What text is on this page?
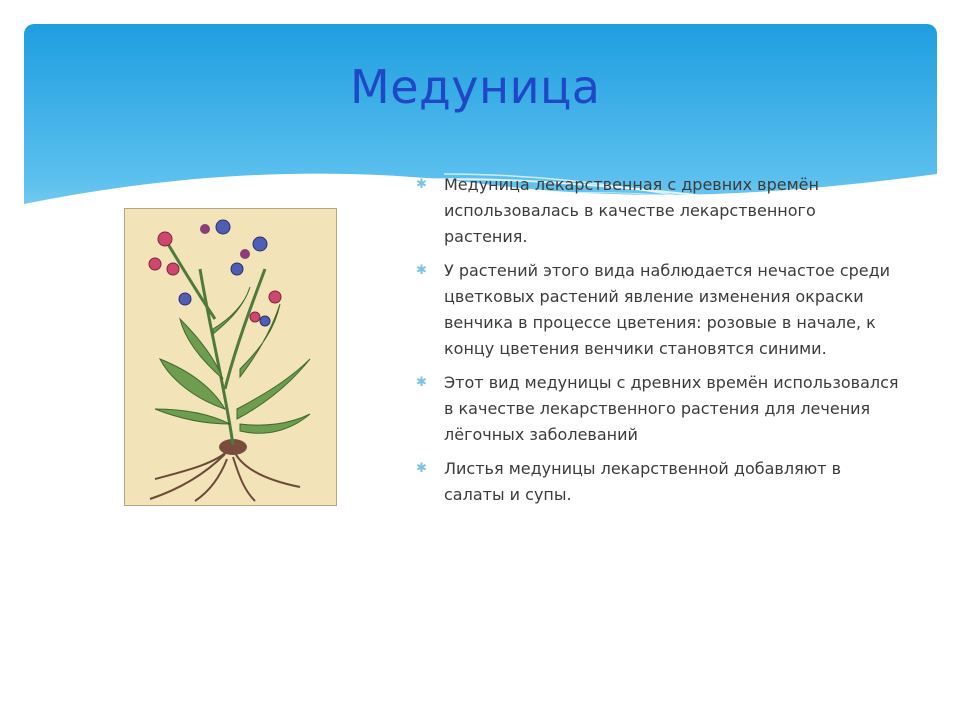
Медуница
✱ Медуница лекарственная с древних времён использовалась в качестве лекарственного растения.
✱ У растений этого вида наблюдается нечастое среди цветковых растений явление изменения окраски венчика в процессе цветения: розовые в начале, к концу цветения венчики становятся синими.
✱ Этот вид медуницы с древних времён использовался в качестве лекарственного растения для лечения лёгочных заболеваний
✱ Листья медуницы лекарственной добавляют в салаты и супы.
